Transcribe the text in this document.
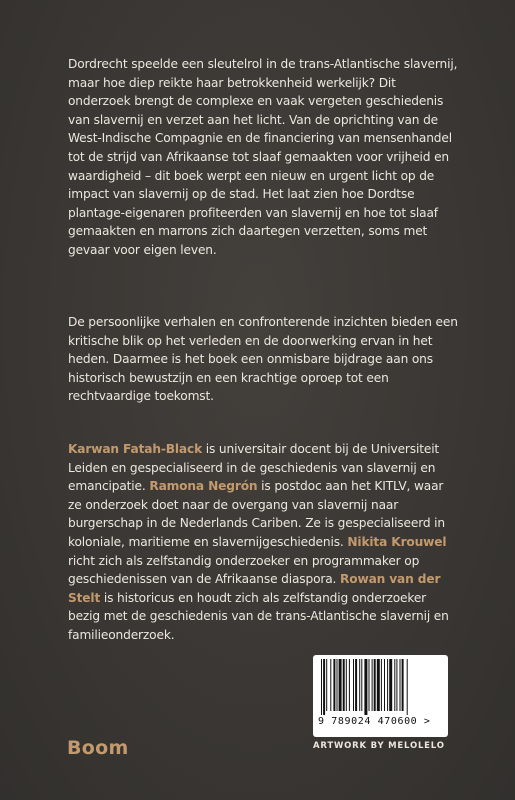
Dordrecht speelde een sleutelrol in de trans-Atlantische slavernij, maar hoe diep reikte haar betrokkenheid werkelijk? Dit onderzoek brengt de complexe en vaak vergeten geschiedenis van slavernij en verzet aan het licht. Van de oprichting van de West-Indische Compagnie en de financiering van mensenhandel tot de strijd van Afrikaanse tot slaaf gemaakten voor vrijheid en waardigheid – dit boek werpt een nieuw en urgent licht op de impact van slavernij op de stad. Het laat zien hoe Dordtse plantage-eigenaren profiteerden van slavernij en hoe tot slaaf gemaakten en marrons zich daartegen verzetten, soms met gevaar voor eigen leven.

De persoonlijke verhalen en confronterende inzichten bieden een kritische blik op het verleden en de doorwerking ervan in het heden. Daarmee is het boek een onmisbare bijdrage aan ons historisch bewustzijn en een krachtige oproep tot een rechtvaardige toekomst.

Karwan Fatah-Black is universitair docent bij de Universiteit Leiden en gespecialiseerd in de geschiedenis van slavernij en emancipatie. Ramona Negrón is postdoc aan het KITLV, waar ze onderzoek doet naar de overgang van slavernij naar burgerschap in de Nederlands Cariben. Ze is gespecialiseerd in koloniale, maritieme en slavernijgeschiedenis. Nikita Krouwel richt zich als zelfstandig onderzoeker en programmaker op geschiedenissen van de Afrikaanse diaspora. Rowan van der Stelt is historicus en houdt zich als zelfstandig onderzoeker bezig met de geschiedenis van de trans-Atlantische slavernij en familieonderzoek.

9 789024 470600 >
ARTWORK BY MELOLELO
Boom
